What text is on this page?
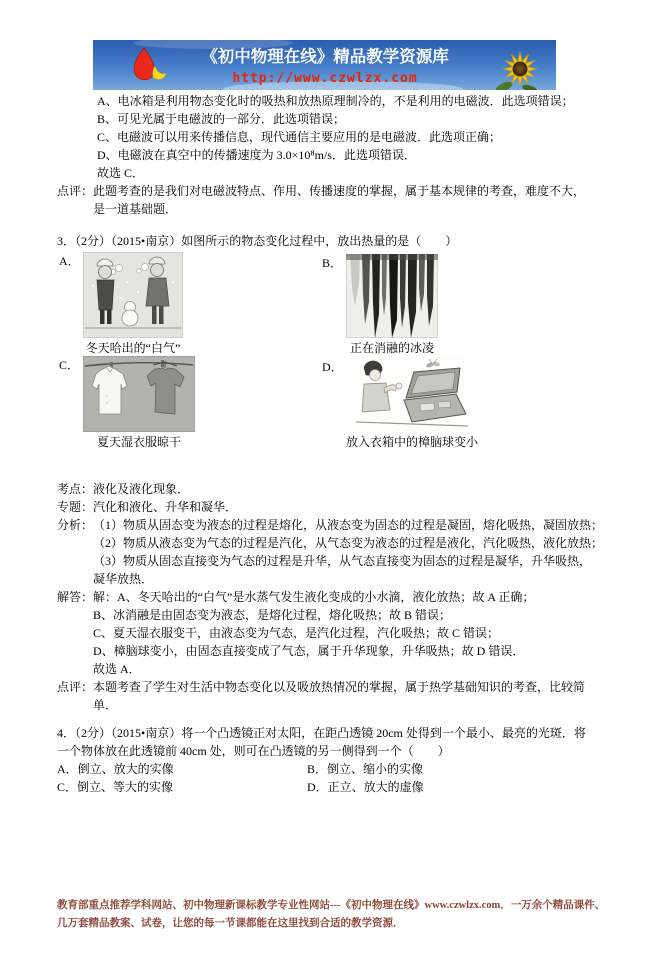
《初中物理在线》精品教学资源库
http://www.czwlzx.com
A、电冰箱是利用物态变化时的吸热和放热原理制冷的，不是利用的电磁波．此选项错误；
B、可见光属于电磁波的一部分．此选项错误；
C、电磁波可以用来传播信息，现代通信主要应用的是电磁波．此选项正确；
D、电磁波在真空中的传播速度为 3.0×10⁸m/s．此选项错误．
故选 C．
点评： 此题考查的是我们对电磁波特点、作用、传播速度的掌握，属于基本规律的考查，难度不大，
是一道基础题．
3．（2分）（2015•南京）如图所示的物态变化过程中，放出热量的是（　　）
A．
冬天哈出的“白气”
B．
正在消融的冰凌
C．
夏天湿衣服晾干
D．
放入衣箱中的樟脑球变小
考点： 液化及液化现象．
专题： 汽化和液化、升华和凝华．
分析： （1）物质从固态变为液态的过程是熔化，从液态变为固态的过程是凝固，熔化吸热，凝固放热；
（2）物质从液态变为气态的过程是汽化，从气态变为液态的过程是液化，汽化吸热，液化放热；
（3）物质从固态直接变为气态的过程是升华，从气态直接变为固态的过程是凝华，升华吸热，
凝华放热．
解答： 解：A、冬天哈出的“白气”是水蒸气发生液化变成的小水滴，液化放热；故 A 正确；
B、冰消融是由固态变为液态，是熔化过程，熔化吸热；故 B 错误；
C、夏天湿衣服变干，由液态变为气态，是汽化过程，汽化吸热；故 C 错误；
D、樟脑球变小，由固态直接变成了气态，属于升华现象，升华吸热；故 D 错误．
故选 A．
点评： 本题考查了学生对生活中物态变化以及吸放热情况的掌握，属于热学基础知识的考查，比较简
单．
4．（2分）（2015•南京）将一个凸透镜正对太阳，在距凸透镜 20cm 处得到一个最小、最亮的光斑．将
一个物体放在此透镜前 40cm 处，则可在凸透镜的另一侧得到一个（　　）
A．倒立、放大的实像	B．倒立、缩小的实像
C．倒立、等大的实像	D．正立、放大的虚像
教育部重点推荐学科网站、初中物理新课标教学专业性网站---《初中物理在线》www.czwlzx.com．一万余个精品课件、
几万套精品教案、试卷，让您的每一节课都能在这里找到合适的教学资源．
